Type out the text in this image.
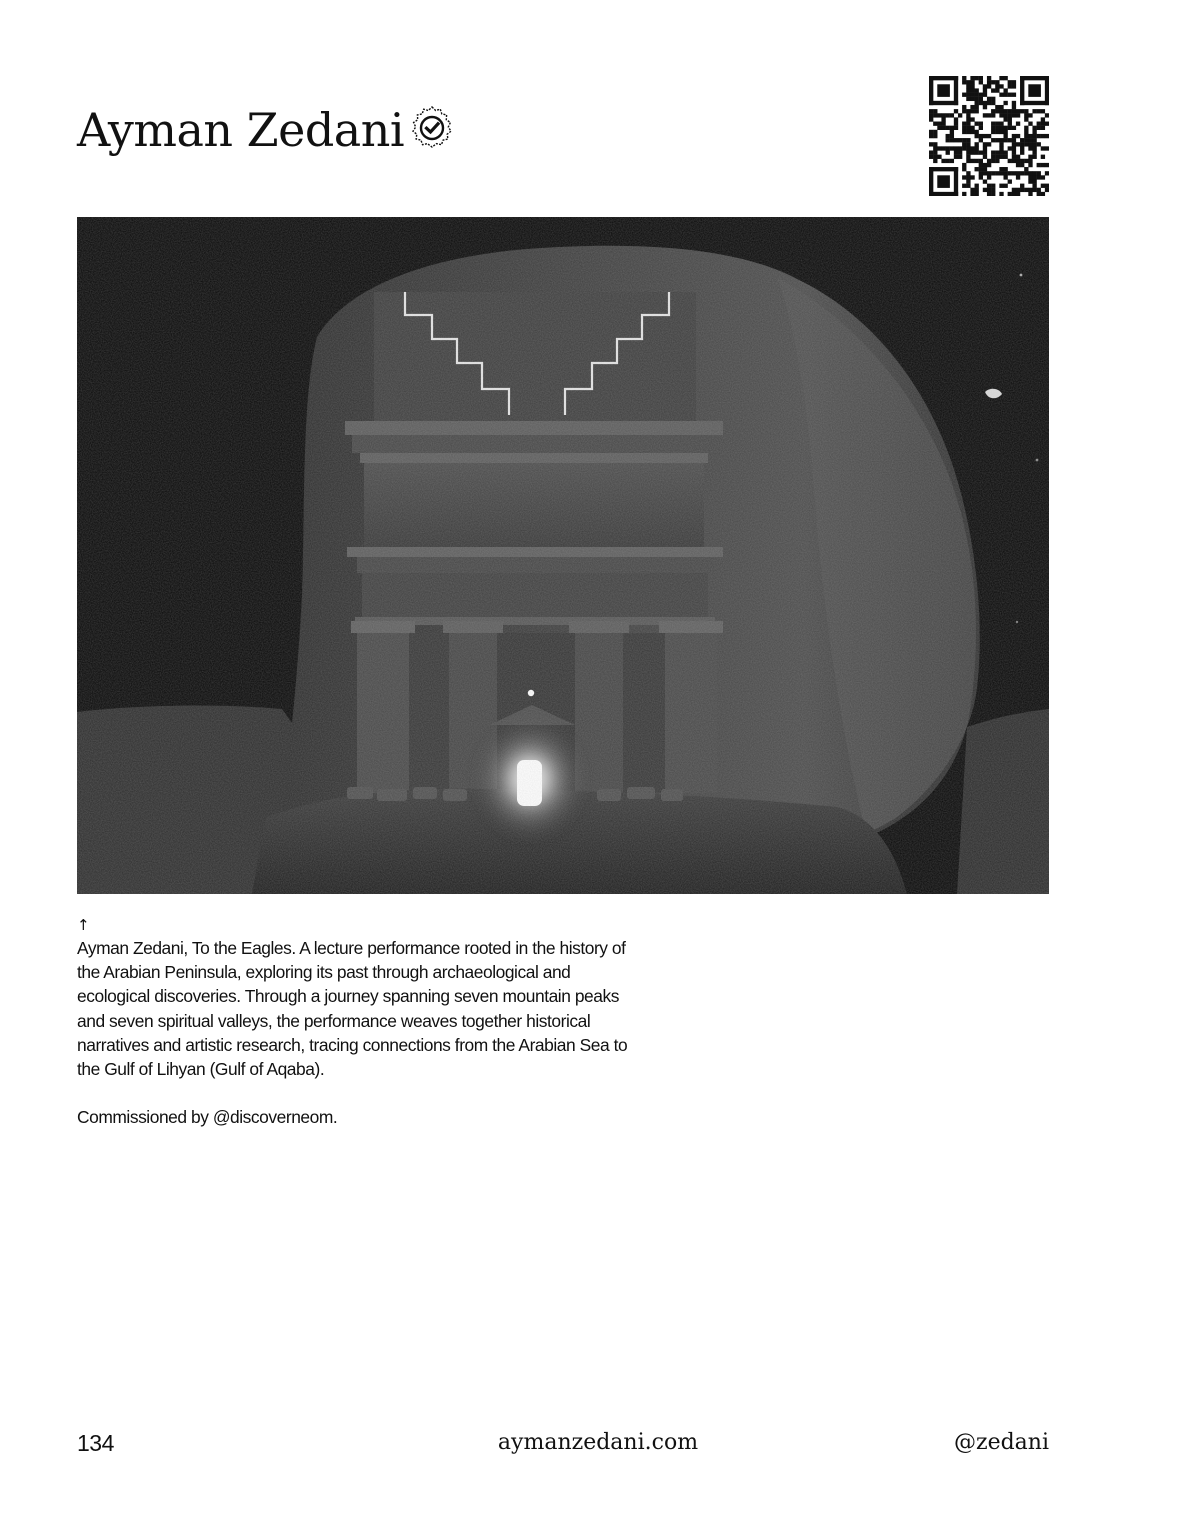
Ayman Zedani
↑

Ayman Zedani, To the Eagles. A lecture performance rooted in the history of the Arabian Peninsula, exploring its past through archaeological and ecological discoveries. Through a journey spanning seven mountain peaks and seven spiritual valleys, the performance weaves together historical narratives and artistic research, tracing connections from the Arabian Sea to the Gulf of Lihyan (Gulf of Aqaba).

Commissioned by @discoverneom.

134	aymanzedani.com	@zedani
